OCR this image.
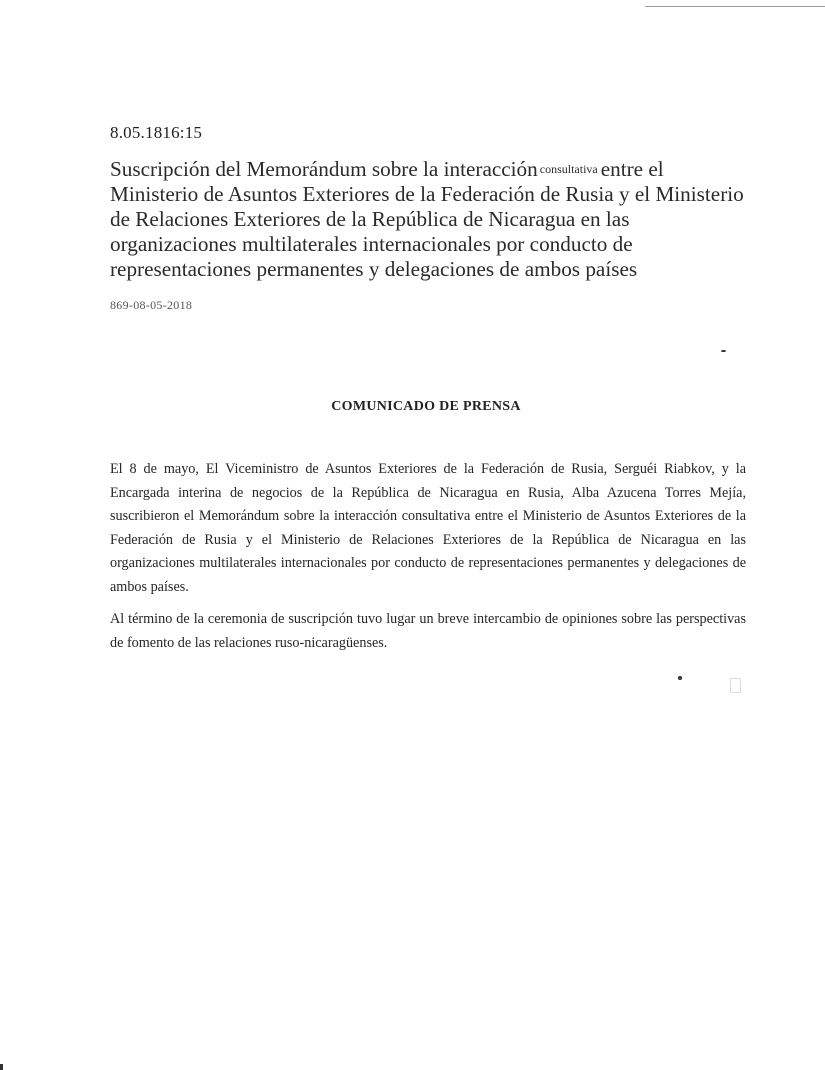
8.05.1816:15
Suscripción del Memorándum sobre la interacción consultativa entre el
Ministerio de Asuntos Exteriores de la Federación de Rusia y el Ministerio
de Relaciones Exteriores de la República de Nicaragua en las
organizaciones multilaterales internacionales por conducto de
representaciones permanentes y delegaciones de ambos países
869-08-05-2018
COMUNICADO DE PRENSA

El 8 de mayo, El Viceministro de Asuntos Exteriores de la Federación de Rusia, Serguéi Riabkov, y la Encargada interina de negocios de la República de Nicaragua en Rusia, Alba Azucena Torres Mejía, suscribieron el Memorándum sobre la interacción consultativa entre el Ministerio de Asuntos Exteriores de la Federación de Rusia y el Ministerio de Relaciones Exteriores de la República de Nicaragua en las organizaciones multilaterales internacionales por conducto de representaciones permanentes y delegaciones de ambos países.

Al término de la ceremonia de suscripción tuvo lugar un breve intercambio de opiniones sobre las perspectivas de fomento de las relaciones ruso-nicaragüenses.
